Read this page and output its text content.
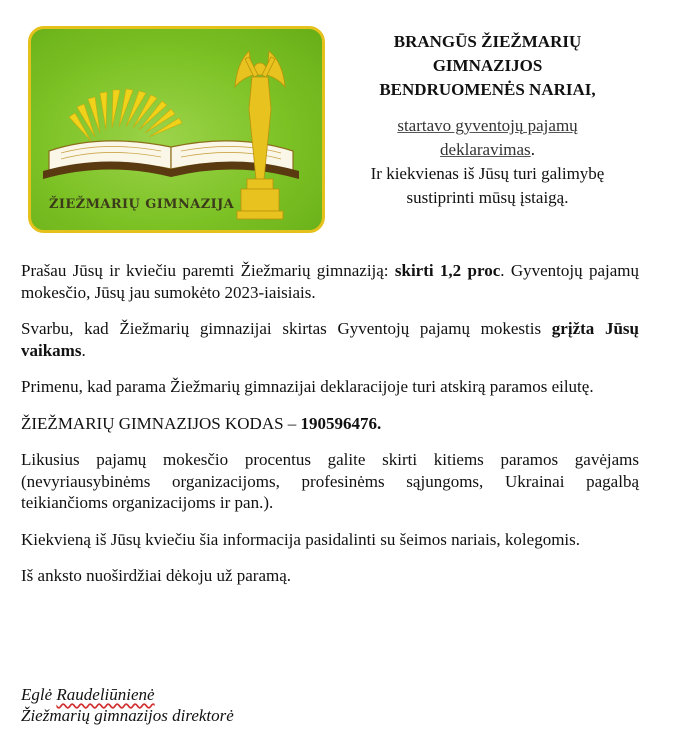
ŽIEŽMARIŲ GIMNAZIJA
BRANGŪS ŽIEŽMARIŲ
GIMNAZIJOS
BENDRUOMENĖS NARIAI,
startavo gyventojų pajamų
deklaravimas.
Ir kiekvienas iš Jūsų turi galimybę
sustiprinti mūsų įstaigą.

Prašau Jūsų ir kviečiu paremti Žiežmarių gimnaziją: skirti 1,2 proc. Gyventojų pajamų mokesčio, Jūsų jau sumokėto 2023-iaisiais.

Svarbu, kad Žiežmarių gimnazijai skirtas Gyventojų pajamų mokestis grįžta Jūsų vaikams.

Primenu, kad parama Žiežmarių gimnazijai deklaracijoje turi atskirą paramos eilutę.

ŽIEŽMARIŲ GIMNAZIJOS KODAS – 190596476.

Likusius pajamų mokesčio procentus galite skirti kitiems paramos gavėjams (nevyriausybinėms organizacijoms, profesinėms sąjungoms, Ukrainai pagalbą teikiančioms organizacijoms ir pan.).

Kiekvieną iš Jūsų kviečiu šia informacija pasidalinti su šeimos nariais, kolegomis.

Iš anksto nuoširdžiai dėkoju už paramą.

Eglė Raudeliūnienė
Žiežmarių gimnazijos direktorė
